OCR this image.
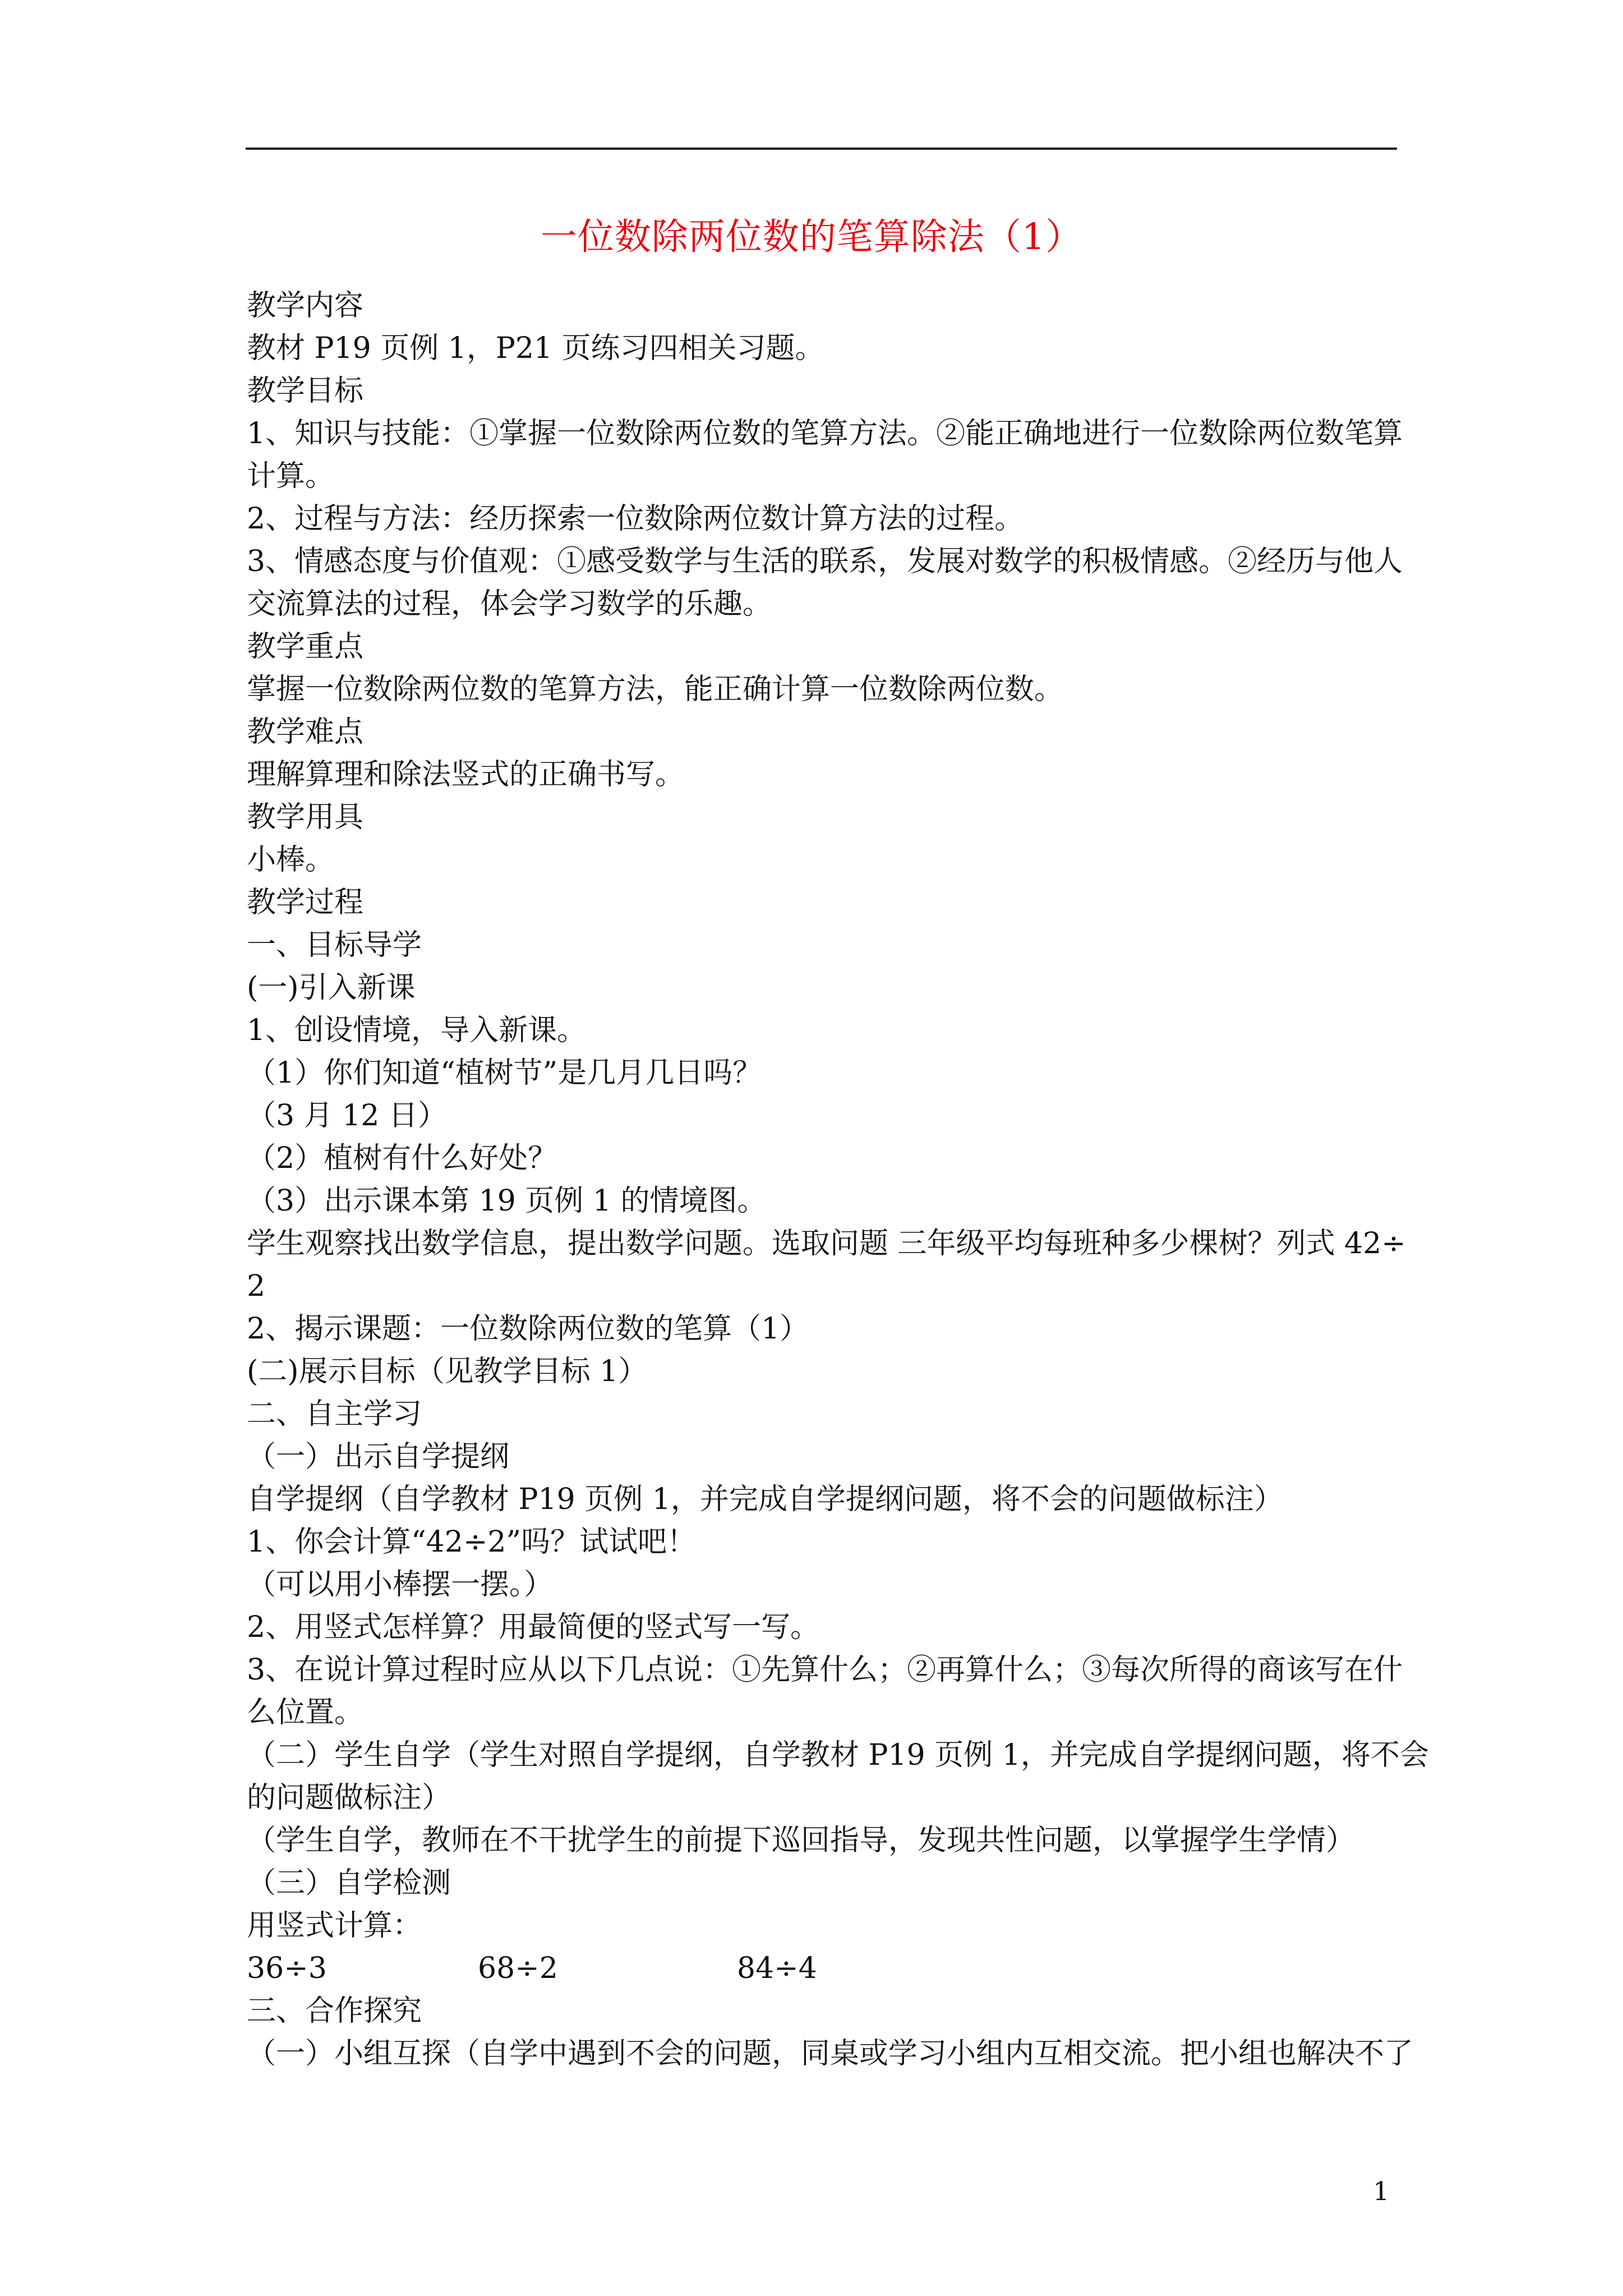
一位数除两位数的笔算除法（1）
教学内容
教材 P19 页例 1，P21 页练习四相关习题。
教学目标
1、知识与技能：①掌握一位数除两位数的笔算方法。②能正确地进行一位数除两位数笔算
计算。
2、过程与方法：经历探索一位数除两位数计算方法的过程。
3、情感态度与价值观：①感受数学与生活的联系，发展对数学的积极情感。②经历与他人
交流算法的过程，体会学习数学的乐趣。
教学重点
掌握一位数除两位数的笔算方法，能正确计算一位数除两位数。
教学难点
理解算理和除法竖式的正确书写。
教学用具
小棒。
教学过程
一、目标导学
(一)引入新课
1、创设情境，导入新课。
（1）你们知道“植树节”是几月几日吗？
（3 月 12 日）
（2）植树有什么好处？
（3）出示课本第 19 页例 1 的情境图。
学生观察找出数学信息，提出数学问题。选取问题 三年级平均每班种多少棵树？列式 42÷
2
2、揭示课题：一位数除两位数的笔算（1）
(二)展示目标（见教学目标 1）
二、自主学习
（一）出示自学提纲
自学提纲（自学教材 P19 页例 1，并完成自学提纲问题，将不会的问题做标注）
1、你会计算“42÷2”吗？试试吧！
（可以用小棒摆一摆。）
2、用竖式怎样算？用最简便的竖式写一写。
3、在说计算过程时应从以下几点说：①先算什么；②再算什么；③每次所得的商该写在什
么位置。
（二）学生自学（学生对照自学提纲，自学教材 P19 页例 1，并完成自学提纲问题，将不会
的问题做标注）
（学生自学，教师在不干扰学生的前提下巡回指导，发现共性问题，以掌握学生学情）
（三）自学检测
用竖式计算：
36÷3	68÷2	84÷4
三、合作探究
（一）小组互探（自学中遇到不会的问题，同桌或学习小组内互相交流。把小组也解决不了
1
